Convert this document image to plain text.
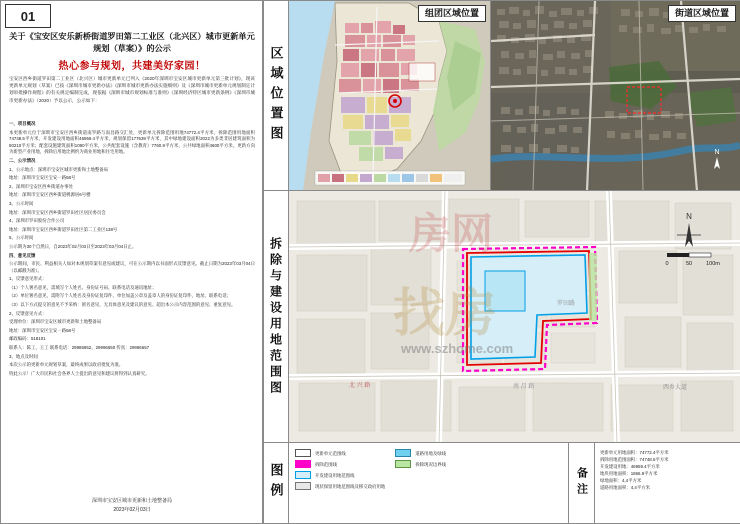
01
关于《宝安区安乐新桥街道罗田第二工业区（北兴区）城市更新单元规划（草案）》的公示
热心参与规划，共建美好家园！
宝安区西乡街道罗田第二工业区（北兴区）城市更新单元已列入《2020年深圳市宝安区城市更新单元第三批计划》，现该更新单元规划（草案）已按《深圳市城市更新办法》《深圳市城市更新办法实施细则》及《深圳市城市更新单元规划制定计划审批操作规程》的有关规定编制完成，现依据《深圳市城市规划标准与准则》《深圳经济特区城市更新条例》《深圳市城市更新办法》（2020）予以公示，公示如下：

一、项目概况

本更新单元位于深圳市宝安区西乡街道南罗路与南昌路交汇处，更新单元拆除范围用地74772.4平方米，拆除范围用地面积74748.5平方米，开发建设用地面积46959.4平方米，规划保留177639平方米，其中绿地建设面积2022为多类非居建筑面积为50210平方米；配套设施建筑面积1090平方米，公共配套设施（含教育）7760.9平方米，公共绿地面积4600平方米。更新方向为新型产业用地，拆除后用地比例约为商业用地和住宅用地。

二、公示情况

1、公示地点：深圳市宝安区城市更新和土地整备局

地址：深圳市宝安区宝安一路58号

2、深圳市宝安区西乡街道办事处

地址：深圳市宝安区西乡街道桃源居6号楼

3、公示时间

地址：深圳市宝安区西乡街道罗田社区居民委员会

4、深圳市罗田股份合作公司

地址：深圳市宝安区西乡街道罗田社区第二工业区138号

5、公示时间

公示期为30个自然日，自2023年02月03日至2023年03月04日止。

四、意见反馈

公示期间，市民、利益相关人如对本规划草案有意见或建议，可在公示期内以书面形式反馈意见。截止日期为2023年03月04日（以邮戳为准）。

1、反馈意见形式：

（1）个人署名意见，需填写个人姓名、身份证号码、联系电话及通讯地址；

（2）单位署名意见，需附写个人姓名及身份证复印件、单位加盖公章及盖章人的身份证复印件、地址、联系电话；

（3）以下方式提交的意见不予采纳：匿名意见、无具体意见及建议的意见、超出本公示内容范围的意见、重复意见。

2、反馈意见方式：

受理单位：深圳市宝安区城市更新和土地整备局

地址：深圳市宝安区宝安一路58号

邮政编码：518101

联系人：陈工、王工 联系电话：29985952、29996650 传真：29996657

3、地点及时间

本次公示的更新单元规划草案，最终成果以政府批复为准。

特此公示！广大市民和社会各界人士提出的意见和建议将得到认真研究。

深圳市宝安区城市更新和土地整备局
2023年02月03日
区域位置图
拆除与建设用地范围图
图例
组团区域位置
N
街道区域位置
罗田路
南 昌 路
北 兴 路	西乡大道
N
0	50	100m
房网
找房
www.szhome.com
更新单元范围线
拆除范围线
开发建设用地范围线
现状保留用地范围线及移交政府用地
道路用地及绿线
拆除现况边界线
备注
更新单元用地面积：74772.4平方米
拆除用地范围面积：74748.5平方米
开发建设用地：46959.4平方米
地块用地面积：1866.9平方米
绿地面积：4,4平方米
道路用地面积：4,4平方米
